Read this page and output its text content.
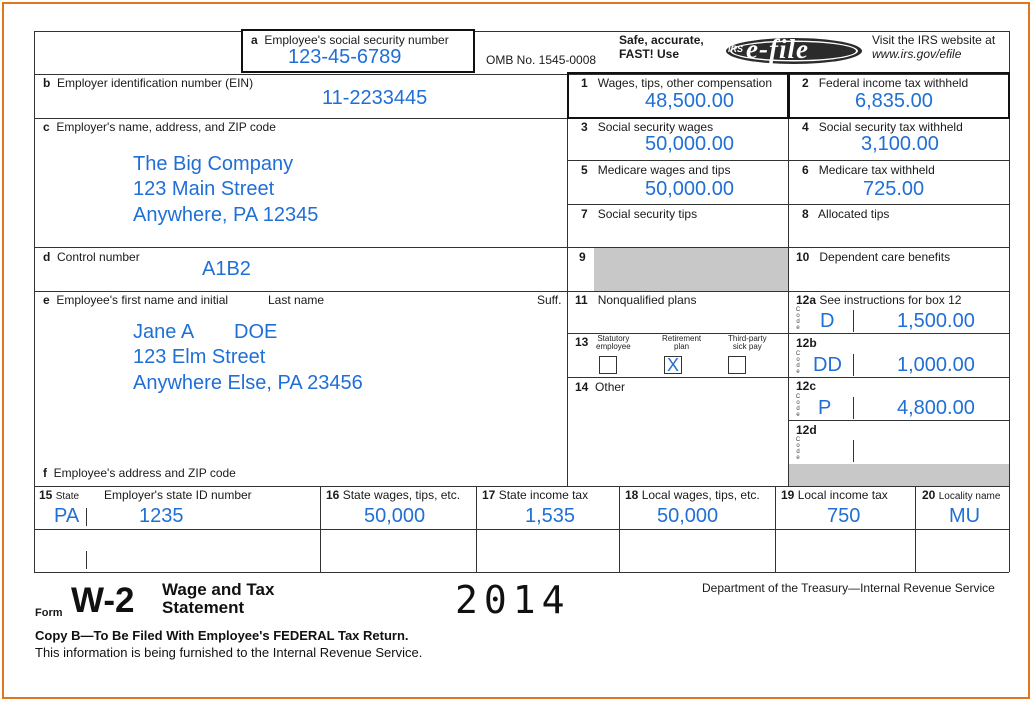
a Employee's social security number
123-45-6789	OMB No. 1545-0008
Safe, accurate,
FAST! Use	IRS e-file	Visit the IRS website at
www.irs.gov/efile
b Employer identification number (EIN)
11-2233445
1 Wages, tips, other compensation
48,500.00
2 Federal income tax withheld
6,835.00
c Employer's name, address, and ZIP code
The Big Company
123 Main Street
Anywhere, PA 12345
3 Social security wages
50,000.00
4 Social security tax withheld
3,100.00
5 Medicare wages and tips
50,000.00
6 Medicare tax withheld
725.00
7 Social security tips	8 Allocated tips
d Control number
A1B2
9	10 Dependent care benefits
e Employee's first name and initial	Last name	Suff.
Jane A DOE
123 Elm Street
Anywhere Else, PA 23456
f Employee's address and ZIP code
11 Nonqualified plans
13 Statutory
employee
Retirement
plan
Third-party
sick pay
X
14 Other
12a See instructions for box 12
C
o
d
e D	1,500.00
12b
C
o
d
e DD	1,000.00
12c
C
o
d
e P	4,800.00
12d
C
o
d
e
15 State Employer's state ID number
PA	1235
16 State wages, tips, etc.
50,000
17 State income tax
1,535
18 Local wages, tips, etc.
50,000
19 Local income tax
750
20 Locality name
MU
Form W-2 Wage and Tax
Statement	2014	Department of the Treasury—Internal Revenue Service
Copy B—To Be Filed With Employee's FEDERAL Tax Return.
This information is being furnished to the Internal Revenue Service.
